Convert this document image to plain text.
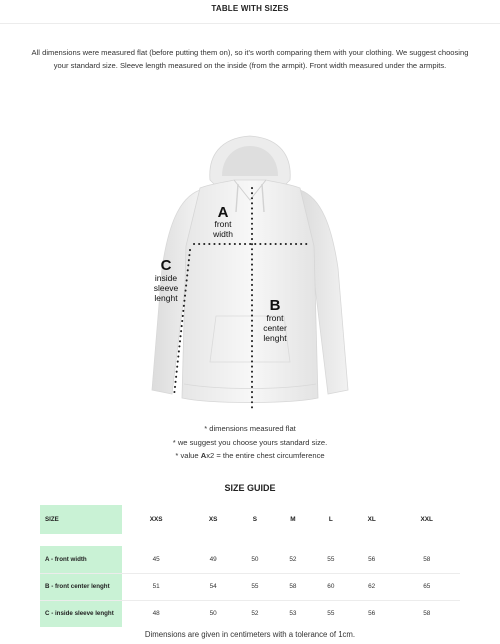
TABLE WITH SIZES
All dimensions were measured flat (before putting them on), so it's worth comparing them with your clothing. We suggest choosing your standard size. Sleeve length measured on the inside (from the armpit). Front width measured under the armpits.
A
front
width
B
front
center
lenght
C
inside
sleeve
lenght
* dimensions measured flat
* we suggest you choose yours standard size.
* value Ax2 = the entire chest circumference
SIZE GUIDE
SIZE	XXS	XS	S	M	L	XL	XXL

A - front width	45	49	50	52	55	56	58
B - front center lenght	51	54	55	58	60	62	65
C - inside sleeve lenght	48	50	52	53	55	56	58
Dimensions are given in centimeters with a tolerance of 1cm.
